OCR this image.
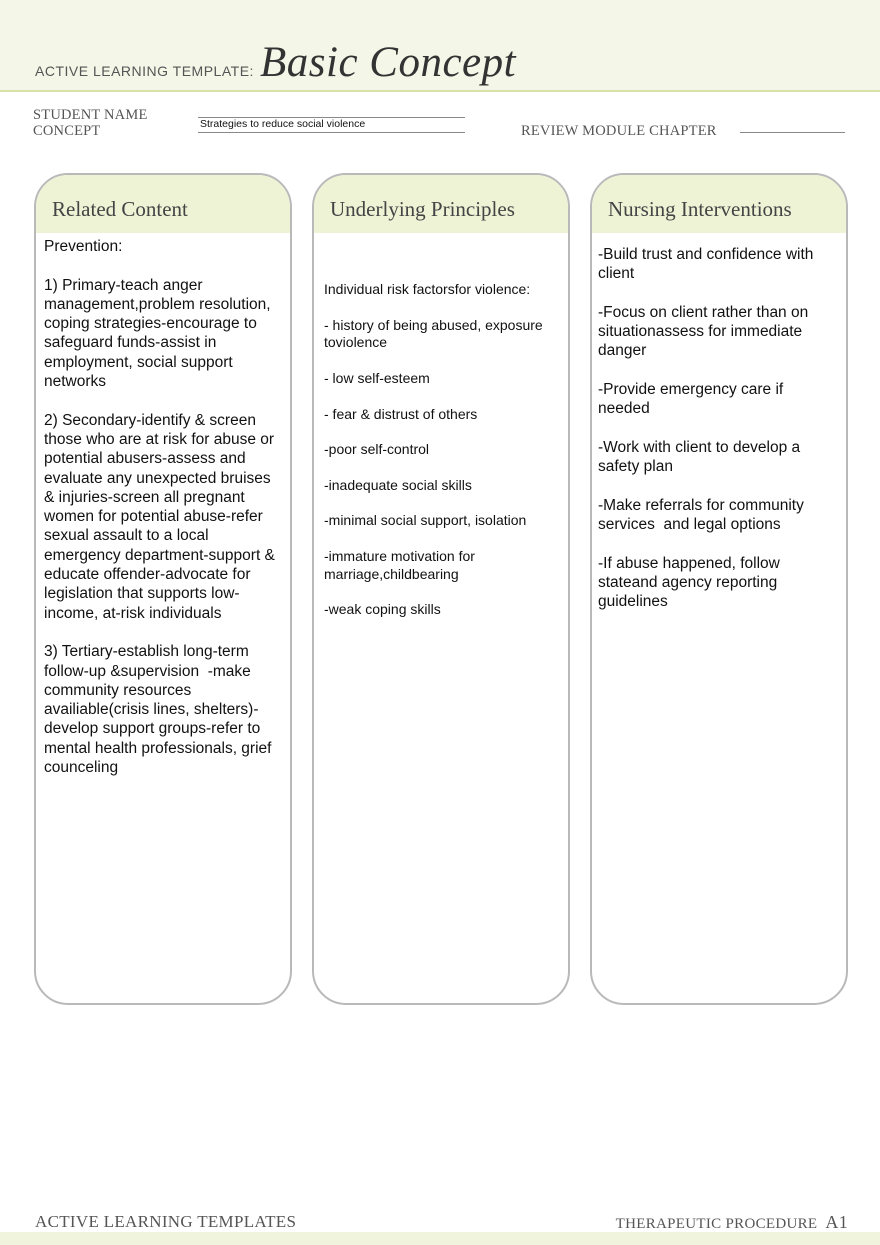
ACTIVE LEARNING TEMPLATE: Basic Concept
STUDENT NAME
CONCEPT	Strategies to reduce social violence	REVIEW MODULE CHAPTER
Related Content
Prevention:

1) Primary-teach anger
management,problem resolution,
coping strategies-encourage to
safeguard funds-assist in
employment, social support
networks

2) Secondary-identify & screen
those who are at risk for abuse or
potential abusers-assess and
evaluate any unexpected bruises
& injuries-screen all pregnant
women for potential abuse-refer
sexual assault to a local
emergency department-support &
educate offender-advocate for
legislation that supports low-
income, at-risk individuals

3) Tertiary-establish long-term
follow-up &supervision  -make
community resources
availiable(crisis lines, shelters)-
develop support groups-refer to
mental health professionals, grief
counceling
Underlying Principles
Individual risk factorsfor violence:

- history of being abused, exposure
toviolence

- low self-esteem

- fear & distrust of others

-poor self-control

-inadequate social skills

-minimal social support, isolation

-immature motivation for
marriage,childbearing

-weak coping skills
Nursing Interventions
-Build trust and confidence with
client

-Focus on client rather than on
situationassess for immediate
danger

-Provide emergency care if
needed

-Work with client to develop a
safety plan

-Make referrals for community
services  and legal options

-If abuse happened, follow
stateand agency reporting
guidelines
ACTIVE LEARNING TEMPLATES	THERAPEUTIC PROCEDURE A1
